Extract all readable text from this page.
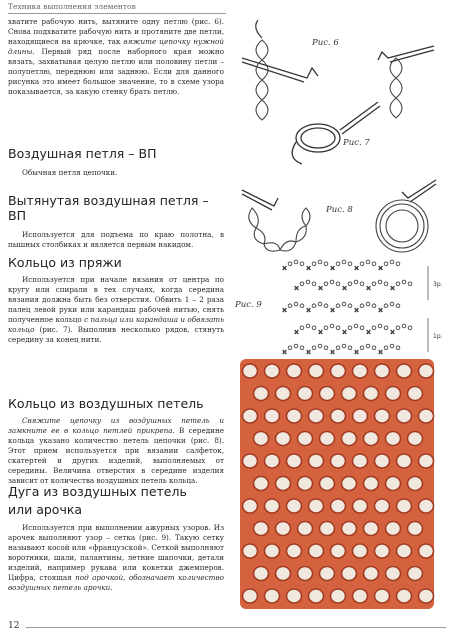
Техника выполнения элементов

хватите рабочую нить, вытяните одну петлю (рис. 6). Снова подхватите рабочую нить и протяните две петли, находящиеся на крючке, так вяжите цепочку нужной длины. Первый ряд после наборного края можно вязать, захватывая целую петлю или половину петли – полупетлю, переднюю или заднюю. Если для данного рисунка это имеет большое значение, то в схеме узора показывается, за какую стенку брать петлю.

Воздушная петля – ВП

Обычная петля цепочки.

Вытянутая воздушная петля – ВП

Используется для подъема по краю полотна, в пышных столбиках и является первым накидом.

Кольцо из пряжи

Используется при начале вязания от центра по кругу или спирали в тех случаях, когда середина вязания должна быть без отверстия. Обвить 1 – 2 раза палец левой руки или карандаш рабочей нитью, снять полученное кольцо с пальца или карандаша и обвязать кольцо (рис. 7). Выполнив несколько рядов, стянуть середину за конец нити.

Кольцо из воздушных петель

Свяжите цепочку из воздушных петель и замкните ее в кольцо петлей прикрепа. В середине кольца указано количество петель цепочки (рис. 8). Этот прием используется при вязании салфеток, скатертей и других изделий, выполняемых от середины. Величина отверстия в середине изделия зависит от количества воздушных петель кольца.

Дуга из воздушных петель
или арочка

Используется при выполнении ажурных узоров. Из арочек выполняют узор – сетка (рис. 9). Такую сетку называют косой или «французской». Сеткой выполняют воротники, шали, палантины, летние шапочки, детали изделий, например рукава или кокетки джемперов. Цифра, стоящая под арочкой, обозначает количество воздушных петель арочки.

Рис. 6
Рис. 7
Рис. 8
×	×	×	×	×
×	×	×	×	×
×	×	×	×	×
×	×	×	×	×
×	×	×	×	×
3р.
1р.
Рис. 9
12
